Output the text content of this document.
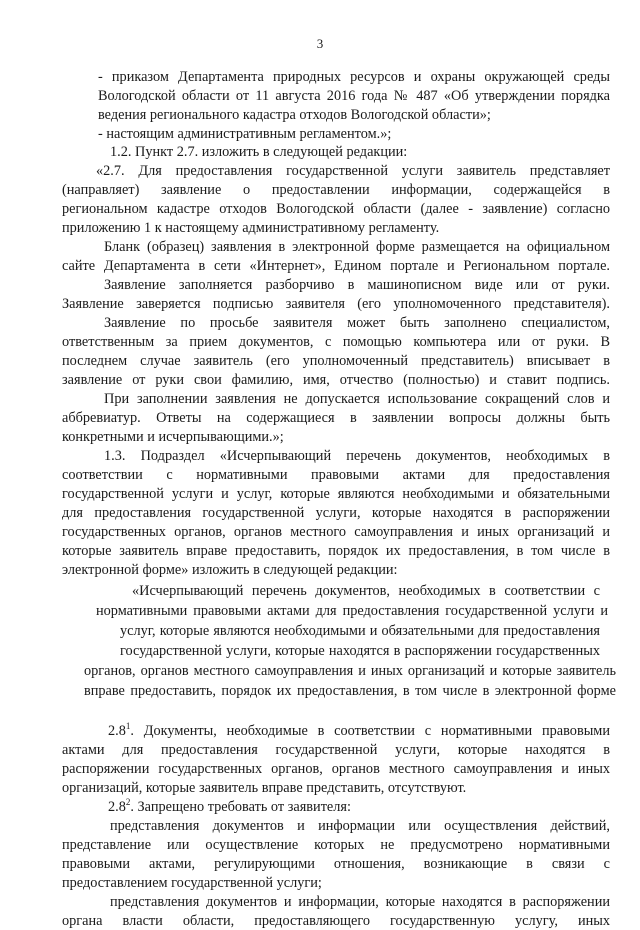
3
- приказом Департамента природных ресурсов и охраны окружающей среды
Вологодской области от 11 августа 2016 года № 487 «Об утверждении порядка
ведения регионального кадастра отходов Вологодской области»;
- настоящим административным регламентом.»;
1.2. Пункт 2.7. изложить в следующей редакции:
«2.7. Для предоставления государственной услуги заявитель представляет
(направляет) заявление о предоставлении информации, содержащейся в
региональном кадастре отходов Вологодской области (далее - заявление) согласно
приложению 1 к настоящему административному регламенту.
Бланк (образец) заявления в электронной форме размещается на официальном
сайте Департамента в сети «Интернет», Едином портале и Региональном портале.
Заявление заполняется разборчиво в машинописном виде или от руки.
Заявление заверяется подписью заявителя (его уполномоченного представителя).
Заявление по просьбе заявителя может быть заполнено специалистом,
ответственным за прием документов, с помощью компьютера или от руки. В
последнем случае заявитель (его уполномоченный представитель) вписывает в
заявление от руки свои фамилию, имя, отчество (полностью) и ставит подпись.
При заполнении заявления не допускается использование сокращений слов и
аббревиатур. Ответы на содержащиеся в заявлении вопросы должны быть
конкретными и исчерпывающими.»;
1.3. Подраздел «Исчерпывающий перечень документов, необходимых в
соответствии с нормативными правовыми актами для предоставления
государственной услуги и услуг, которые являются необходимыми и обязательными
для предоставления государственной услуги, которые находятся в распоряжении
государственных органов, органов местного самоуправления и иных организаций и
которые заявитель вправе предоставить, порядок их предоставления, в том числе в
электронной форме» изложить в следующей редакции:
«Исчерпывающий перечень документов, необходимых в соответствии с
нормативными правовыми актами для предоставления государственной услуги и
услуг, которые являются необходимыми и обязательными для предоставления
государственной услуги, которые находятся в распоряжении государственных
органов, органов местного самоуправления и иных организаций и которые заявитель
вправе предоставить, порядок их предоставления, в том числе в электронной форме
$2.8^1$. Документы, необходимые в соответствии с нормативными правовыми
актами для предоставления государственной услуги, которые находятся в
распоряжении государственных органов, органов местного самоуправления и иных
организаций, которые заявитель вправе представить, отсутствуют.
$2.8^2$. Запрещено требовать от заявителя:
представления документов и информации или осуществления действий,
представление или осуществление которых не предусмотрено нормативными
правовыми актами, регулирующими отношения, возникающие в связи с
предоставлением государственной услуги;
представления документов и информации, которые находятся в распоряжении
органа власти области, предоставляющего государственную услугу, иных
